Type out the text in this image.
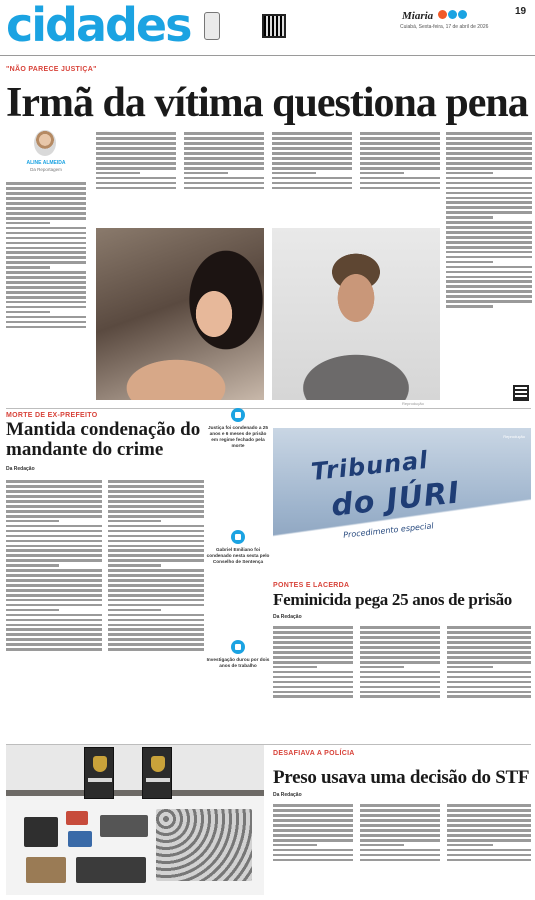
cidades	Miaria
Cuiabá, Sexta-feira, 17 de abril de 2026
19
"NÃO PARECE JUSTIÇA"
Irmã da vítima questiona pena
ALINE ALMEIDA
Da Reportagem
Reprodução
MORTE DE EX-PREFEITO
Mantida condenação do mandante do crime
Da Redação
Justiça foi condenado a 25 anos e 6 meses de prisão em regime fechado pela morte
Gabriel Emiliano foi condenado nesta sexta pelo Conselho de Sentença
Investigação durou por dois anos de trabalho
Tribunal
do JÚRI
Procedimento especial
Reprodução
PONTES E LACERDA
Feminicida pega 25 anos de prisão
Da Redação
DESAFIAVA A POLÍCIA
Preso usava uma decisão do STF
Da Redação
